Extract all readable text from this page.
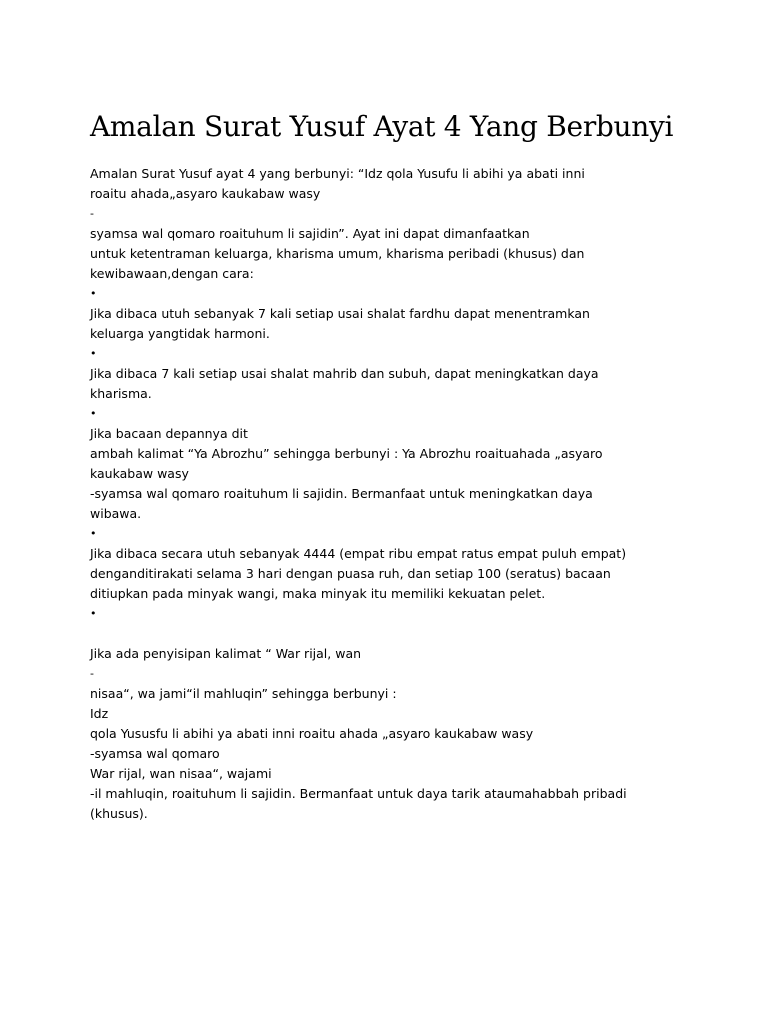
Amalan Surat Yusuf Ayat 4 Yang Berbunyi
Amalan Surat Yusuf ayat 4 yang berbunyi: “Idz qola Yusufu li abihi ya abati inni
roaitu ahada„asyaro kaukabaw wasy
-
syamsa wal qomaro roaituhum li sajidin”. Ayat ini dapat dimanfaatkan
untuk ketentraman keluarga, kharisma umum, kharisma peribadi (khusus) dan
kewibawaan,dengan cara:
•
Jika dibaca utuh sebanyak 7 kali setiap usai shalat fardhu dapat menentramkan
keluarga yangtidak harmoni.
•
Jika dibaca 7 kali setiap usai shalat mahrib dan subuh, dapat meningkatkan daya
kharisma.
•
Jika bacaan depannya dit
ambah kalimat “Ya Abrozhu” sehingga berbunyi : Ya Abrozhu roaituahada „asyaro
kaukabaw wasy
-syamsa wal qomaro roaituhum li sajidin. Bermanfaat untuk meningkatkan daya
wibawa.
•
Jika dibaca secara utuh sebanyak 4444 (empat ribu empat ratus empat puluh empat)
denganditirakati selama 3 hari dengan puasa ruh, dan setiap 100 (seratus) bacaan
ditiupkan pada minyak wangi, maka minyak itu memiliki kekuatan pelet.
•
Jika ada penyisipan kalimat “ War rijal, wan
-
nisaa“, wa jami“il mahluqin” sehingga berbunyi :
Idz
qola Yususfu li abihi ya abati inni roaitu ahada „asyaro kaukabaw wasy
-syamsa wal qomaro
War rijal, wan nisaa“, wajami
-il mahluqin, roaituhum li sajidin. Bermanfaat untuk daya tarik ataumahabbah pribadi
(khusus).
